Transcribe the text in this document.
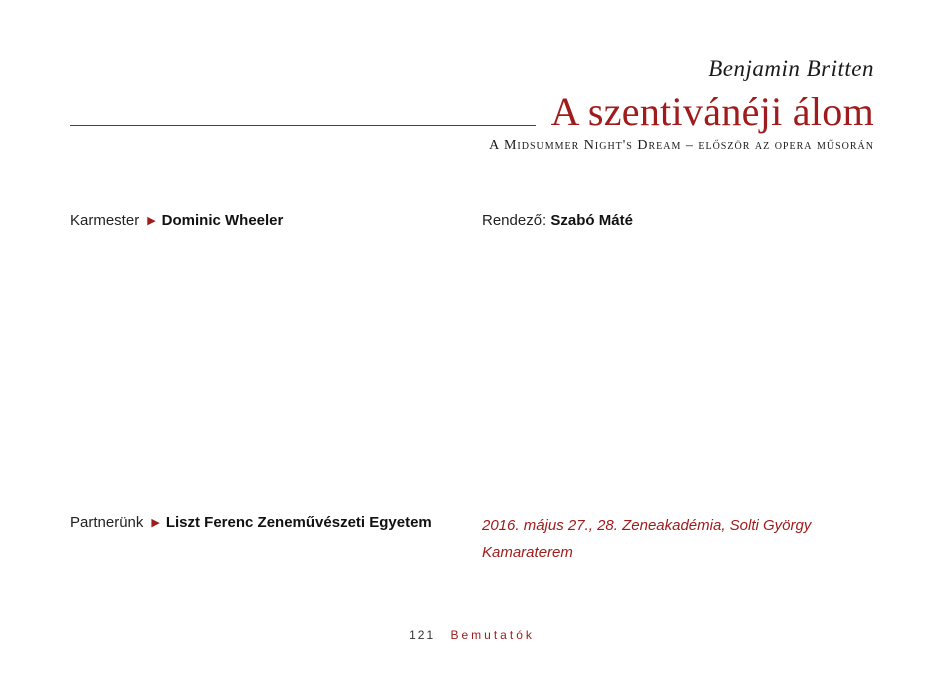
Benjamin Britten
A szentivánéji álom
A Midsummer Night's Dream – először az opera műsorán
Karmester ▶ Dominic Wheeler	Rendező: Szabó Máté
Partnerünk ▶ Liszt Ferenc Zeneművészeti Egyetem	2016. május 27., 28. Zeneakadémia, Solti György
Kamaraterem
121 Bemutatók
